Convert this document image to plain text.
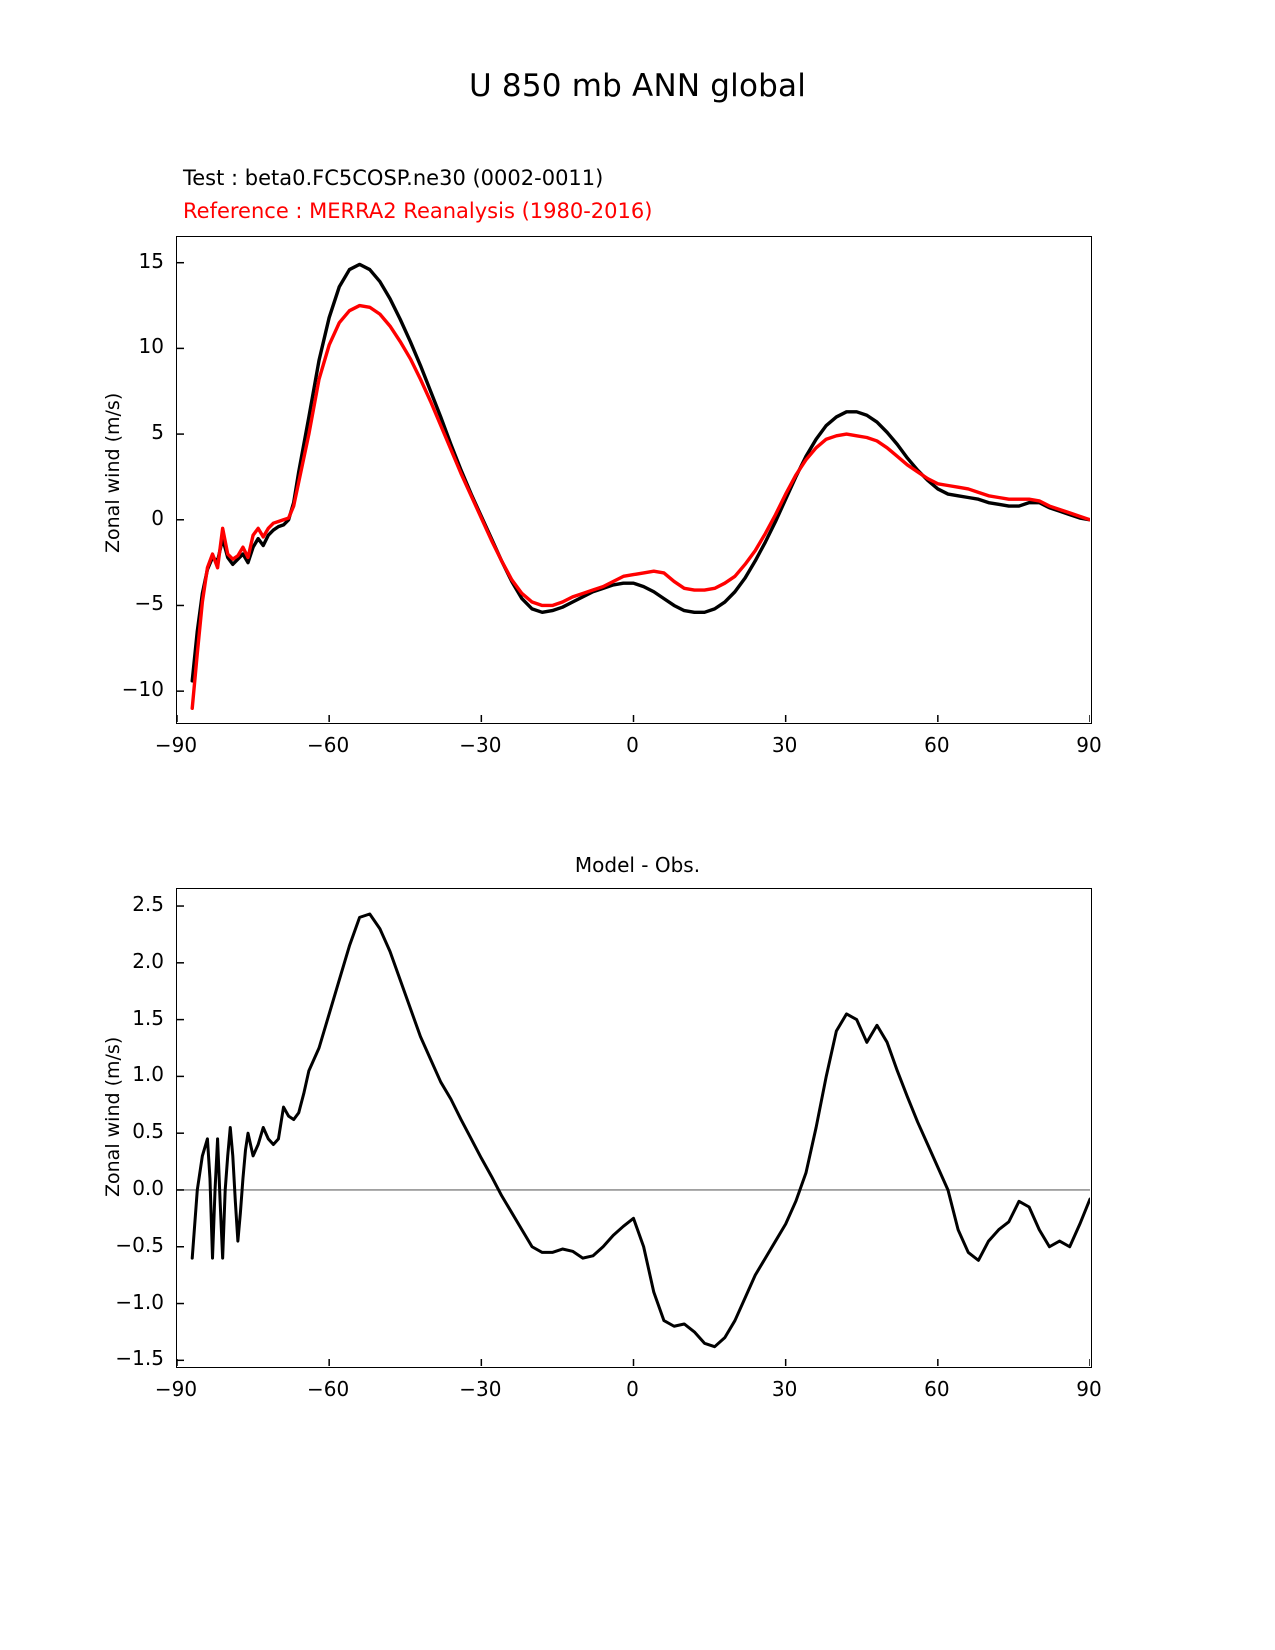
U 850 mb ANN global
Test : beta0.FC5COSP.ne30 (0002-0011)
Reference : MERRA2 Reanalysis (1980-2016)
Zonal wind (m/s)
−10
−5
0
5
10
15
−90	−60	−30	0	30	60	90
Model - Obs.
Zonal wind (m/s)
−1.5
−1.0
−0.5
0.0
0.5
1.0
1.5
2.0
2.5
−90	−60	−30	0	30	60	90
